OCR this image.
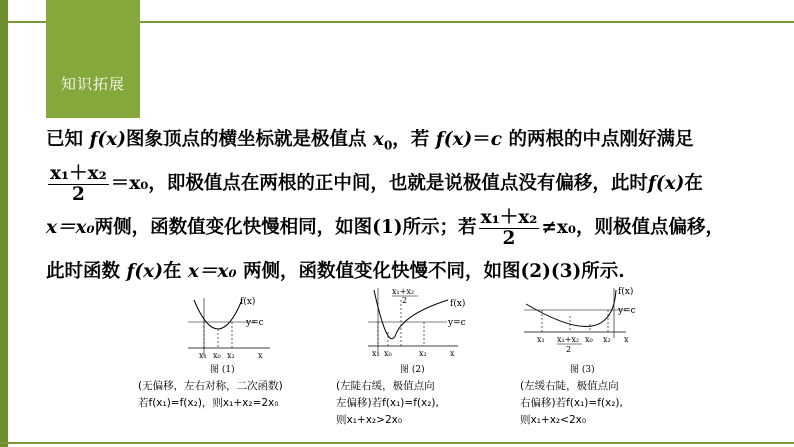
知识拓展
已知 f(x)图象顶点的横坐标就是极值点 $x_0$，若 f(x)＝c 的两根的中点刚好满足
$\frac{\text{x₁＋x₂}}{2} =x_0$，即极值点在两根的正中间，也就是说极值点没有偏移，此时f(x)在
x＝x₀两侧，函数值变化快慢相同，如图(1)所示；若 $\frac{\text{x₁＋x₂}}{2} \ne x_0$，则极值点偏移，
此时函数 f(x)在 x＝x₀ 两侧，函数值变化快慢不同，如图(2)(3)所示.
f(x)
y=c
x₁ x₀ x₂	x
图 (1)
(无偏移，左右对称，二次函数)
若f(x₁)=f(x₂)，则x₁+x₂=2x₀
x₁+x₂
2	f(x)
y=c
x₁ x₀	x₂	x
图 (2)
(左陡右缓，极值点向
左偏移)若f(x₁)=f(x₂),
则x₁+x₂>2x₀
f(x)
y=c
x₁ x₁+x₂
2
x₀ x₂ x
图 (3)
(左缓右陡，极值点向
右偏移)若f(x₁)=f(x₂),
则x₁+x₂<2x₀
